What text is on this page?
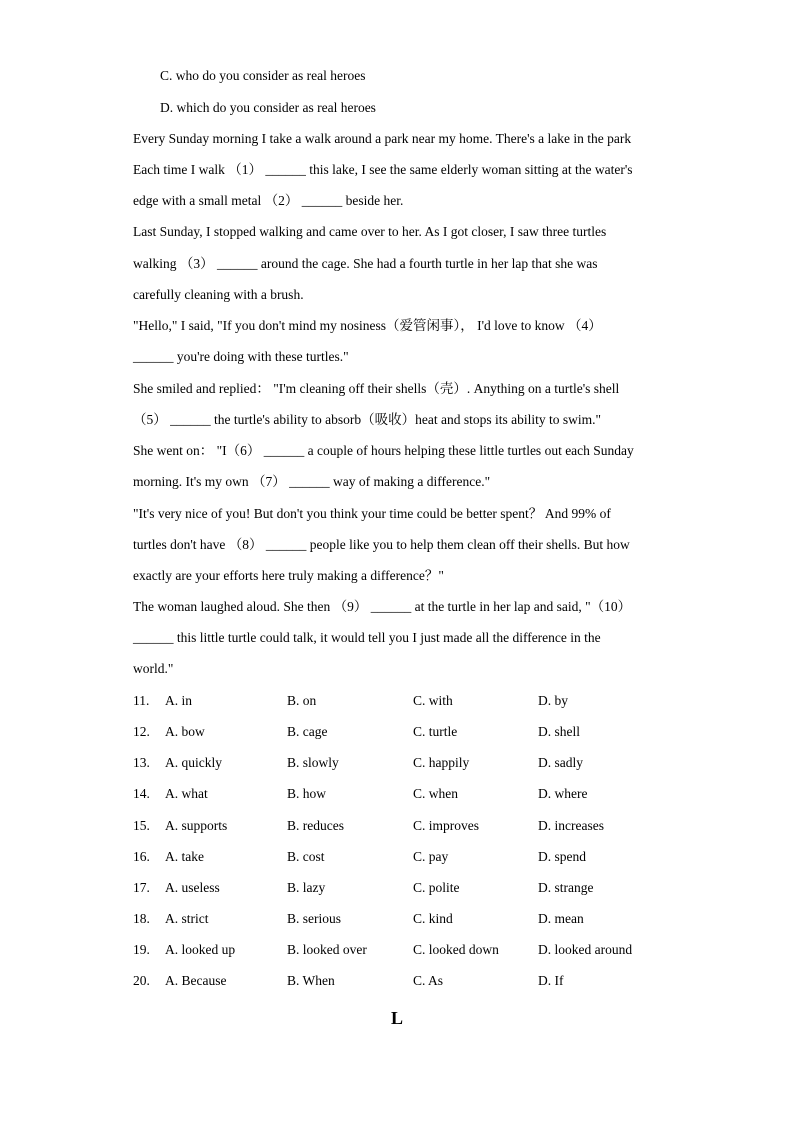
C. who do you consider as real heroes
D. which do you consider as real heroes
Every Sunday morning I take a walk around a park near my home. There's a lake in the park
Each time I walk （1） ______ this lake, I see the same elderly woman sitting at the water's
edge with a small metal （2） ______ beside her.
Last Sunday, I stopped walking and came over to her. As I got closer, I saw three turtles
walking （3） ______ around the cage. She had a fourth turtle in her lap that she was
carefully cleaning with a brush.
"Hello," I said, "If you don't mind my nosiness（爱管闲事）， I'd love to know （4）
______ you're doing with these turtles."
She smiled and replied： "I'm cleaning off their shells（壳）. Anything on a turtle's shell
（5） ______ the turtle's ability to absorb（吸收）heat and stops its ability to swim."
She went on： "I（6） ______ a couple of hours helping these little turtles out each Sunday
morning. It's my own （7） ______ way of making a difference."
"It's very nice of you! But don't you think your time could be better spent？ And 99% of
turtles don't have （8） ______ people like you to help them clean off their shells. But how
exactly are your efforts here truly making a difference？"
The woman laughed aloud. She then （9） ______ at the turtle in her lap and said, "（10）
______ this little turtle could talk, it would tell you I just made all the difference in the
world."
11. A. in	B. on	C. with	D. by
12. A. bow	B. cage	C. turtle	D. shell
13. A. quickly	B. slowly	C. happily	D. sadly
14. A. what	B. how	C. when	D. where
15. A. supports	B. reduces	C. improves	D. increases
16. A. take	B. cost	C. pay	D. spend
17. A. useless	B. lazy	C. polite	D. strange
18. A. strict	B. serious	C. kind	D. mean
19. A. looked up	B. looked over	C. looked down	D. looked around
20. A. Because	B. When	C. As	D. If
L
